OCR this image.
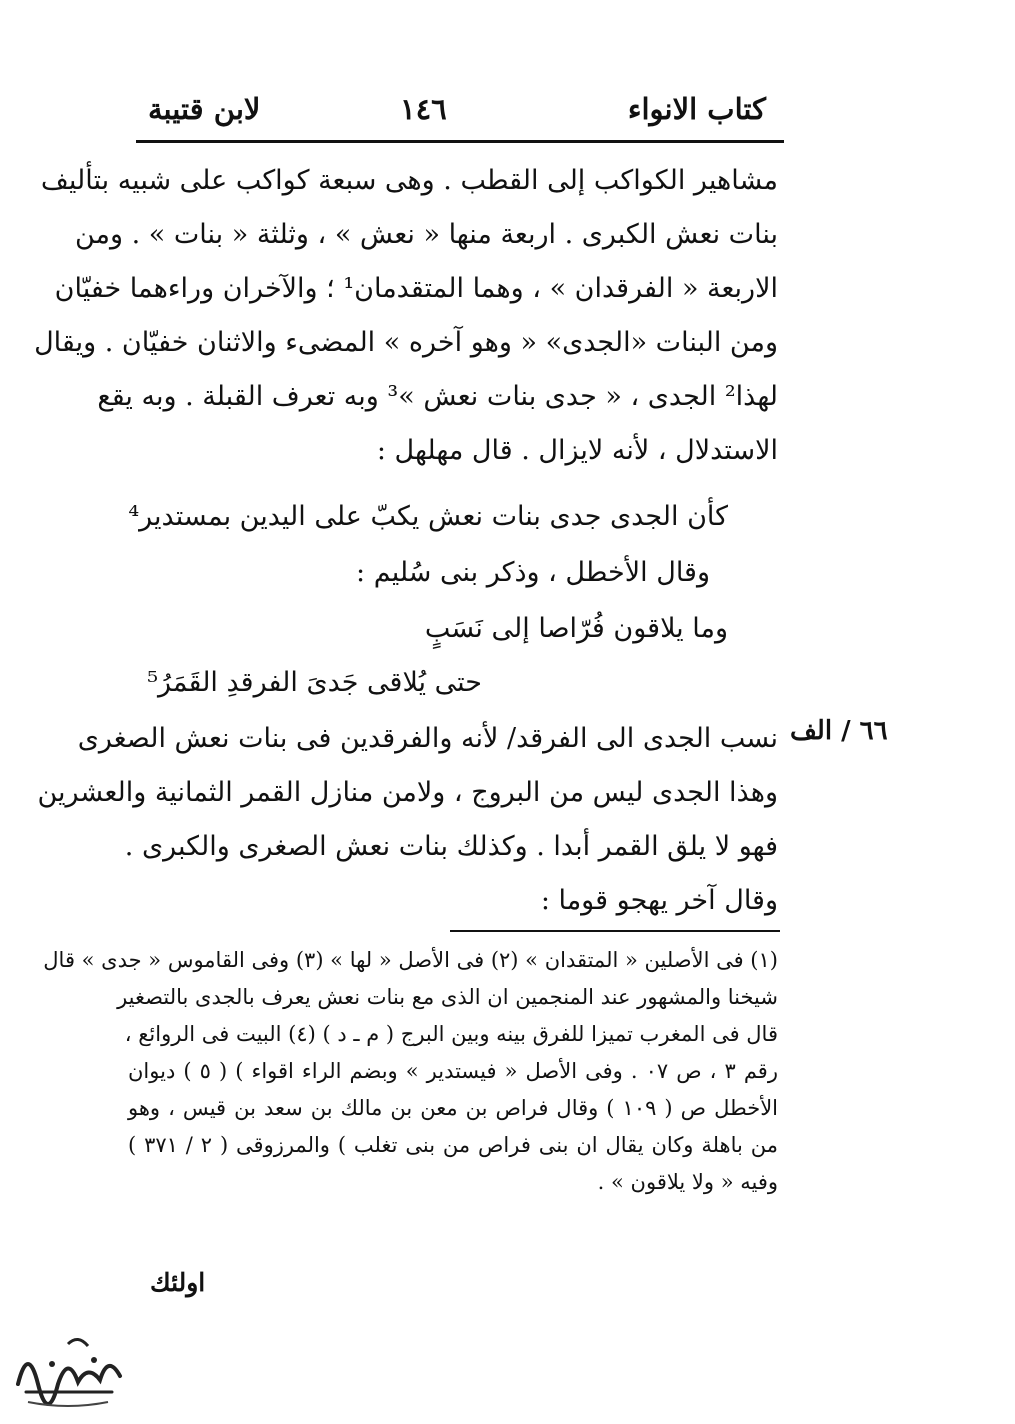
كتاب الانواء
١٤٦
لابن قتيبة
مشاهير الكواكب إلى القطب . وهى سبعة كواكب على شبيه بتأليف
بنات نعش الكبرى . اربعة منها « نعش » ، وثلثة « بنات » . ومن
الاربعة « الفرقدان » ، وهما المتقدمان¹ ؛ والآخران وراءهما خفيّان
ومن البنات «الجدى» « وهو آخره » المضىء والاثنان خفيّان . ويقال
لهذا² الجدى ، « جدى بنات نعش »³ وبه تعرف القبلة . وبه يقع
الاستدلال ، لأنه لايزال . قال مهلهل :
كأن الجدى جدى بنات نعش يكبّ على اليدين بمستدير⁴
وقال الأخطل ، وذكر بنى سُليم :
وما يلاقون فُرّاصا إلى نَسَبٍ
حتى يُلاقى جَدىَ الفرقدِ القَمَرُ⁵
٦٦ / الف
نسب الجدى الى الفرقد/ لأنه والفرقدين فى بنات نعش الصغرى
وهذا الجدى ليس من البروج ، ولامن منازل القمر الثمانية والعشرين
فهو لا يلق القمر أبدا . وكذلك بنات نعش الصغرى والكبرى .
وقال آخر يهجو قوما :
(١) فى الأصلين « المتقدان » (٢) فى الأصل « لها » (٣) وفى القاموس « جدى » قال
شيخنا والمشهور عند المنجمين ان الذى مع بنات نعش يعرف بالجدى بالتصغير
قال فى المغرب تميزا للفرق بينه وبين البرج ( م ـ د ) (٤) البيت فى الروائع ،
رقم ٣ ، ص ٠٧ . وفى الأصل « فيستدير » وبضم الراء اقواء ) ( ٥ ) ديوان
الأخطل ص ( ١٠٩ ) وقال فراص بن معن بن مالك بن سعد بن قيس ، وهو
من باهلة وكان يقال ان بنى فراص من بنى تغلب ) والمرزوقى ( ٢ / ٣٧١ )
وفيه « ولا يلاقون » .
اولئك
